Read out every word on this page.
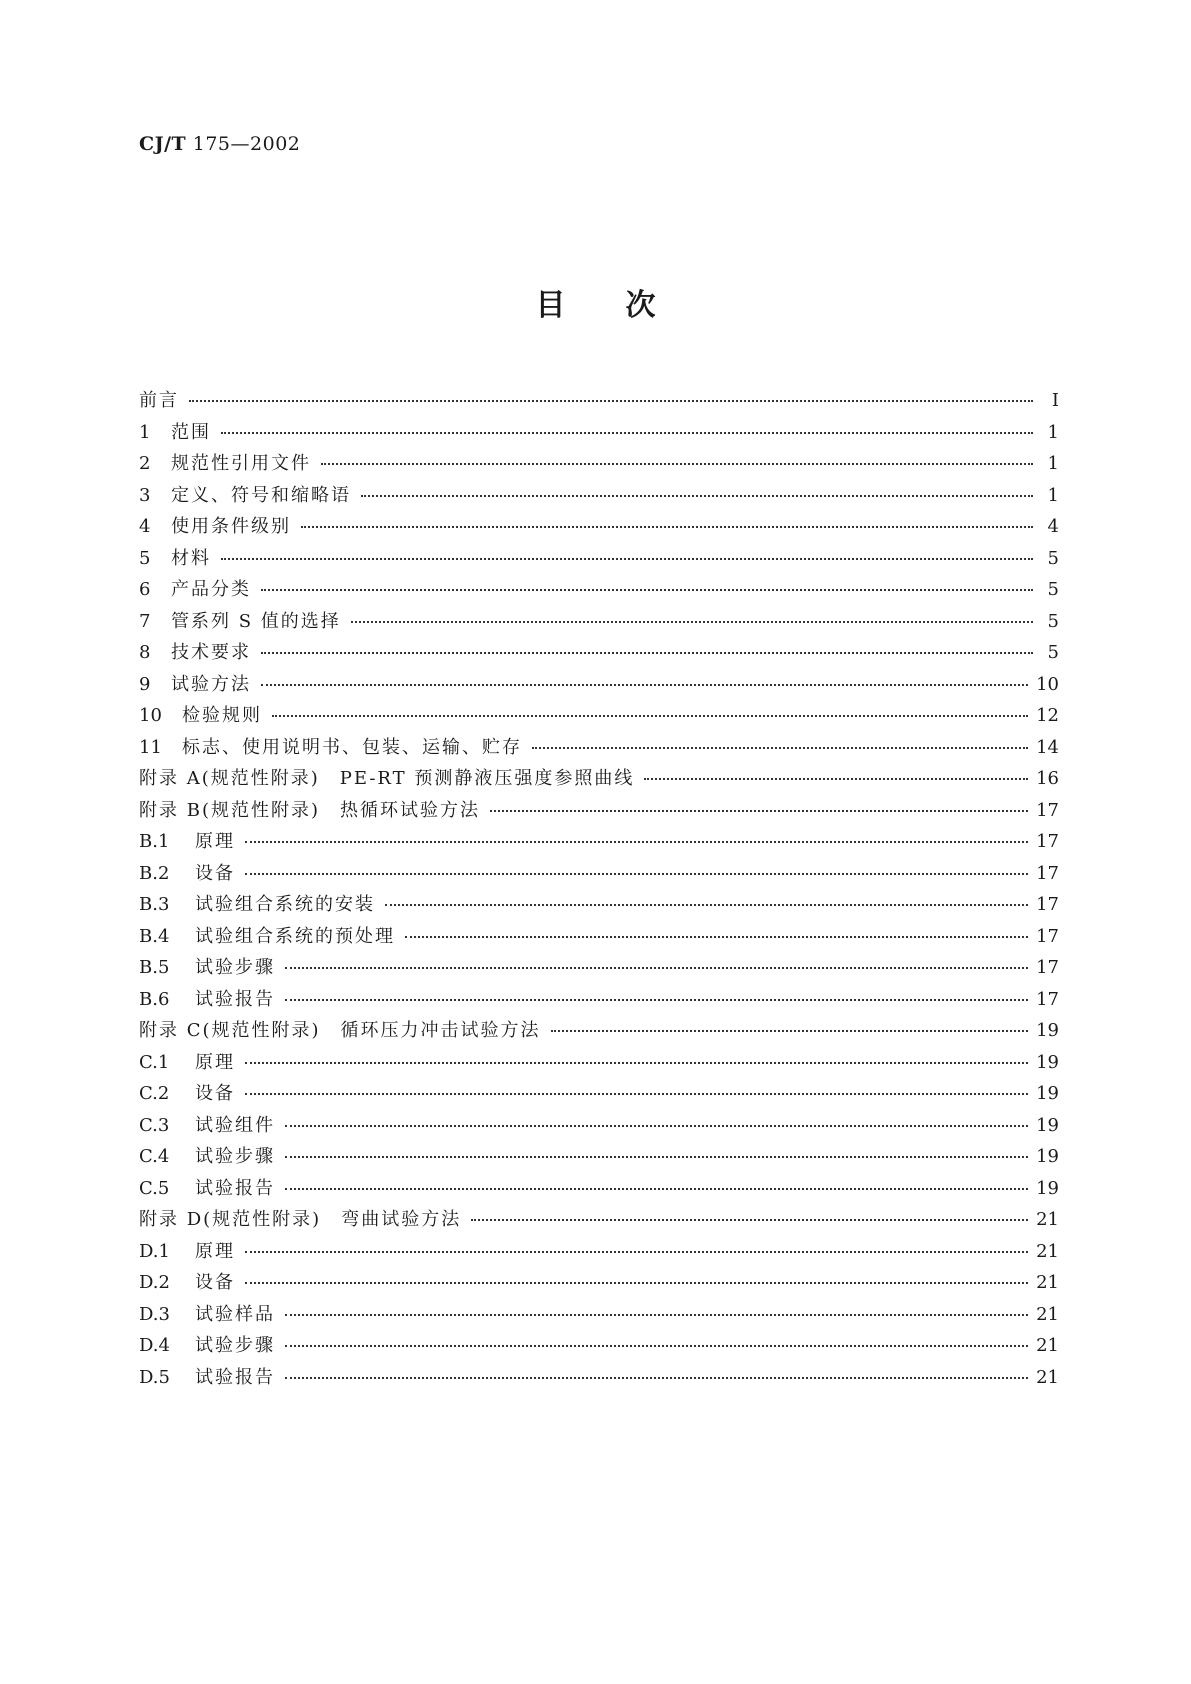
CJ/T 175—2002
目 次
前言	Ⅰ
1	范围	1
2	规范性引用文件	1
3	定义、符号和缩略语	1
4	使用条件级别	4
5	材料	5
6	产品分类	5
7	管系列 S 值的选择	5
8	技术要求	5
9	试验方法	10
10	检验规则	12
11	标志、使用说明书、包装、运输、贮存	14
附录 A(规范性附录)　PE-RT 预测静液压强度参照曲线	16
附录 B(规范性附录)　热循环试验方法	17
B.1	原理	17
B.2	设备	17
B.3	试验组合系统的安装	17
B.4	试验组合系统的预处理	17
B.5	试验步骤	17
B.6	试验报告	17
附录 C(规范性附录)　循环压力冲击试验方法	19
C.1	原理	19
C.2	设备	19
C.3	试验组件	19
C.4	试验步骤	19
C.5	试验报告	19
附录 D(规范性附录)　弯曲试验方法	21
D.1	原理	21
D.2	设备	21
D.3	试验样品	21
D.4	试验步骤	21
D.5	试验报告	21
